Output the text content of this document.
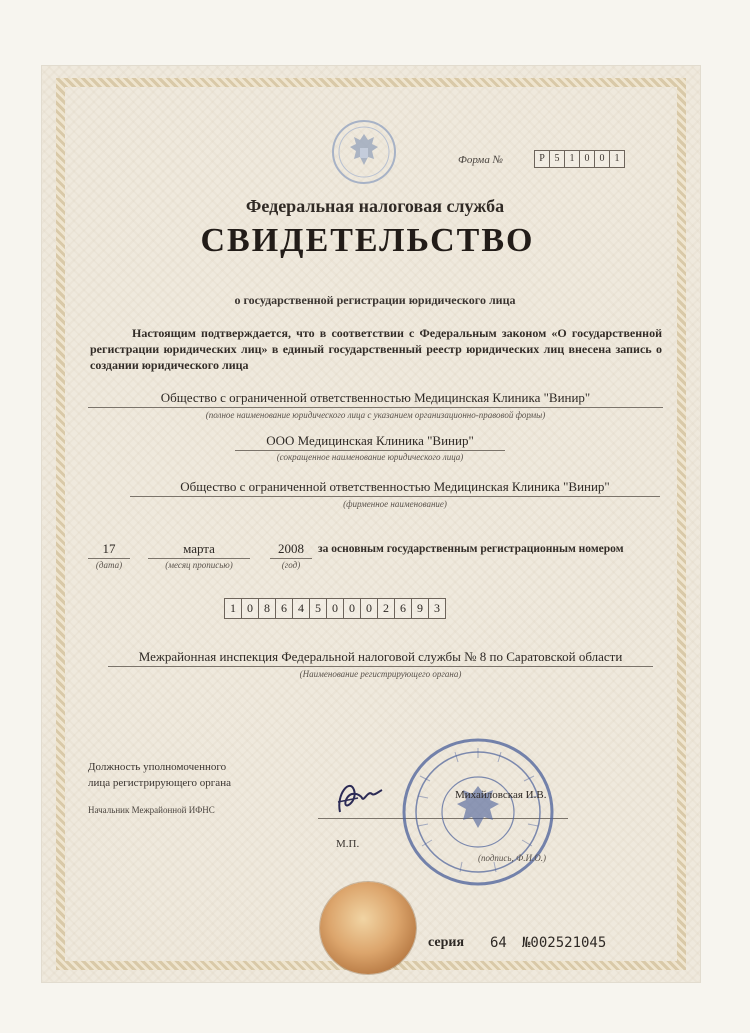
Форма №	Р 5	1	0	0	1
Федеральная налоговая служба
СВИДЕТЕЛЬСТВО
о государственной регистрации юридического лица
Настоящим подтверждается, что в соответствии с Федеральным законом «О государственной регистрации юридических лиц» в единый государственный реестр юридических лиц внесена запись о создании юридического лица
Общество с ограниченной ответственностью Медицинская Клиника "Винир"
(полное наименование юридического лица с указанием организационно-правовой формы)
ООО Медицинская Клиника "Винир"
(сокращенное наименование юридического лица)
Общество с ограниченной ответственностью Медицинская Клиника "Винир"
(фирменное наименование)
17	марта	2008
(дата)	(месяц прописью)	(год)
за основным государственным регистрационным номером
1 0 8 6 4 5 0 0 0 2 6 9 3
Межрайонная инспекция Федеральной налоговой службы № 8 по Саратовской области
(Наименование регистрирующего органа)
Должность уполномоченного
лица регистрирующего органа
Начальник Межрайонной ИФНС
Михайловская И.В.
(подпись, Ф.И.О.)
М.П.
серия 64 №002521045
